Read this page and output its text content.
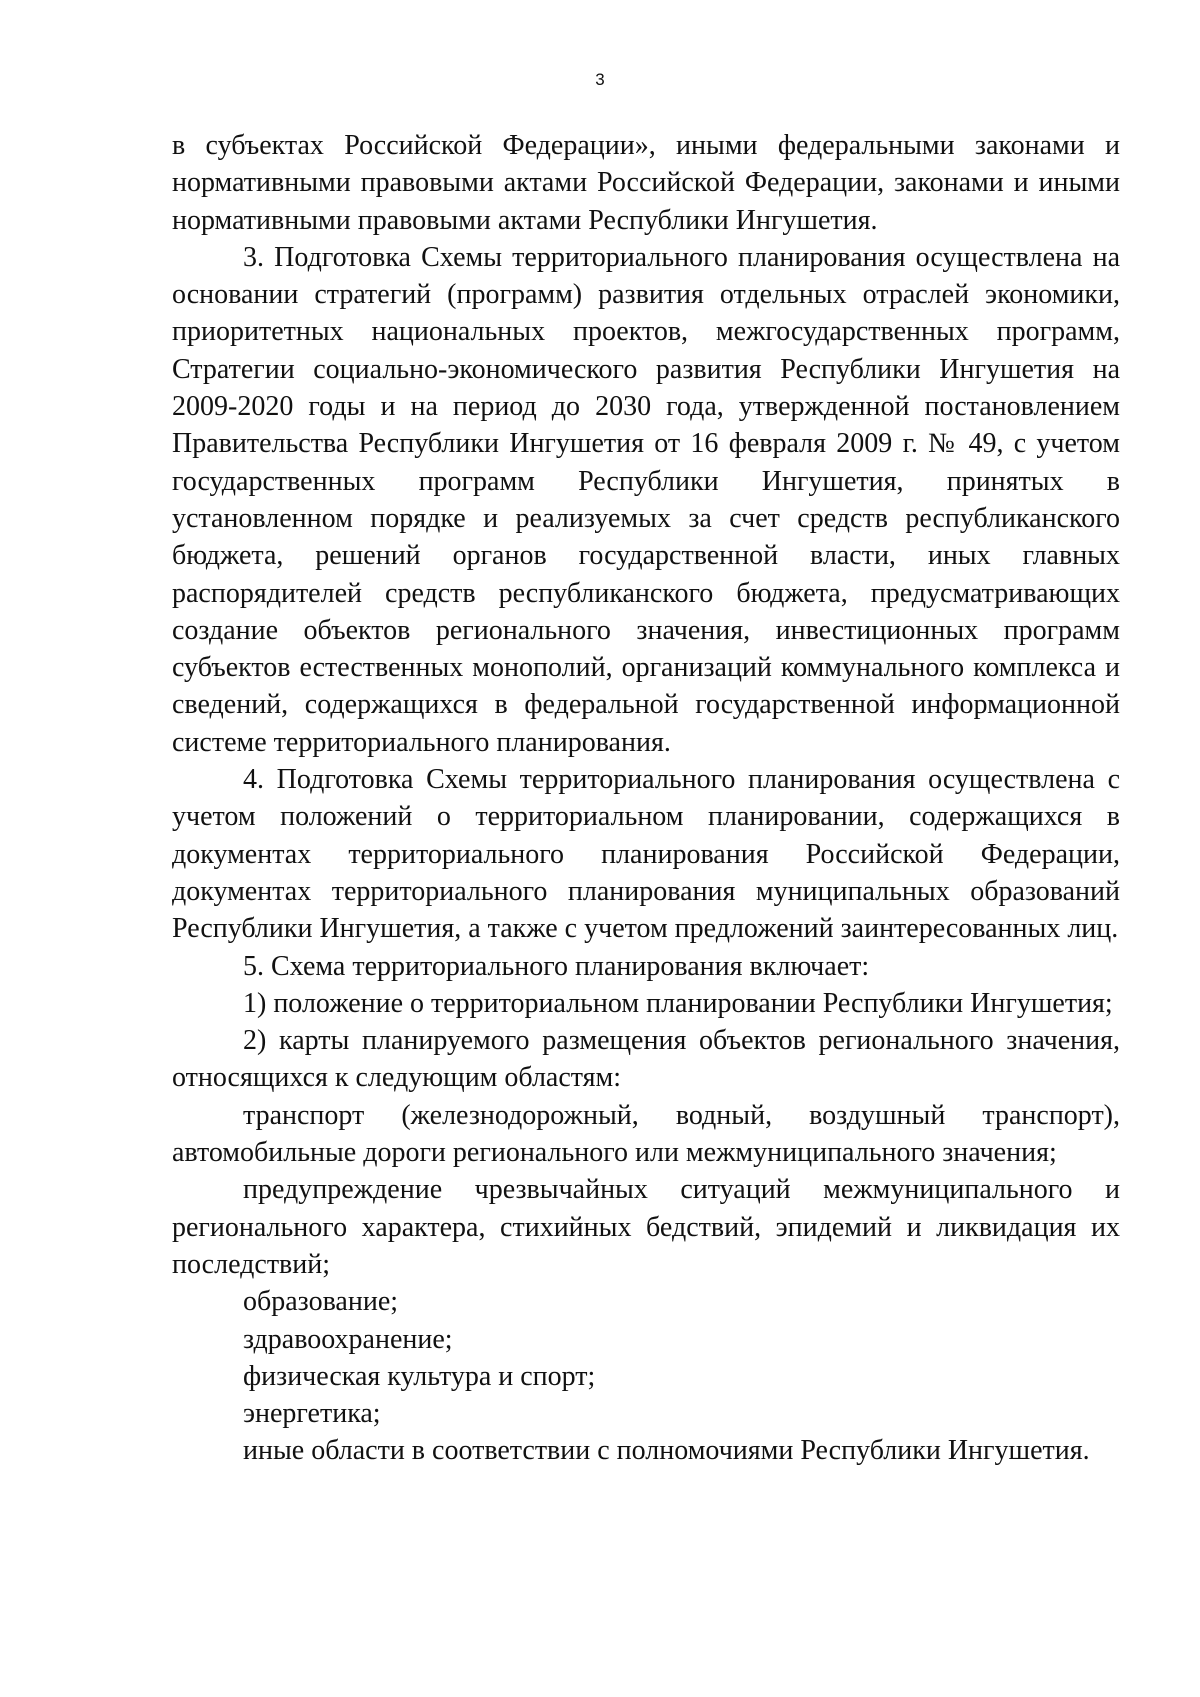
3

в субъектах Российской Федерации», иными федеральными законами и нормативными правовыми актами Российской Федерации, законами и иными нормативными правовыми актами Республики Ингушетия.

3. Подготовка Схемы территориального планирования осуществлена на основании стратегий (программ) развития отдельных отраслей экономики, приоритетных национальных проектов, межгосударственных программ, Стратегии социально-экономического развития Республики Ингушетия на 2009-2020 годы и на период до 2030 года, утвержденной постановлением Правительства Республики Ингушетия от 16 февраля 2009 г. № 49, с учетом государственных программ Республики Ингушетия, принятых в установленном порядке и реализуемых за счет средств республиканского бюджета, решений органов государственной власти, иных главных распорядителей средств республиканского бюджета, предусматривающих создание объектов регионального значения, инвестиционных программ субъектов естественных монополий, организаций коммунального комплекса и сведений, содержащихся в федеральной государственной информационной системе территориального планирования.

4. Подготовка Схемы территориального планирования осуществлена с учетом положений о территориальном планировании, содержащихся в документах территориального планирования Российской Федерации, документах территориального планирования муниципальных образований Республики Ингушетия, а также с учетом предложений заинтересованных лиц.

5. Схема территориального планирования включает:

1) положение о территориальном планировании Республики Ингушетия;

2) карты планируемого размещения объектов регионального значения, относящихся к следующим областям:

транспорт (железнодорожный, водный, воздушный транспорт), автомобильные дороги регионального или межмуниципального значения;

предупреждение чрезвычайных ситуаций межмуниципального и регионального характера, стихийных бедствий, эпидемий и ликвидация их последствий;

образование;

здравоохранение;

физическая культура и спорт;

энергетика;

иные области в соответствии с полномочиями Республики Ингушетия.
